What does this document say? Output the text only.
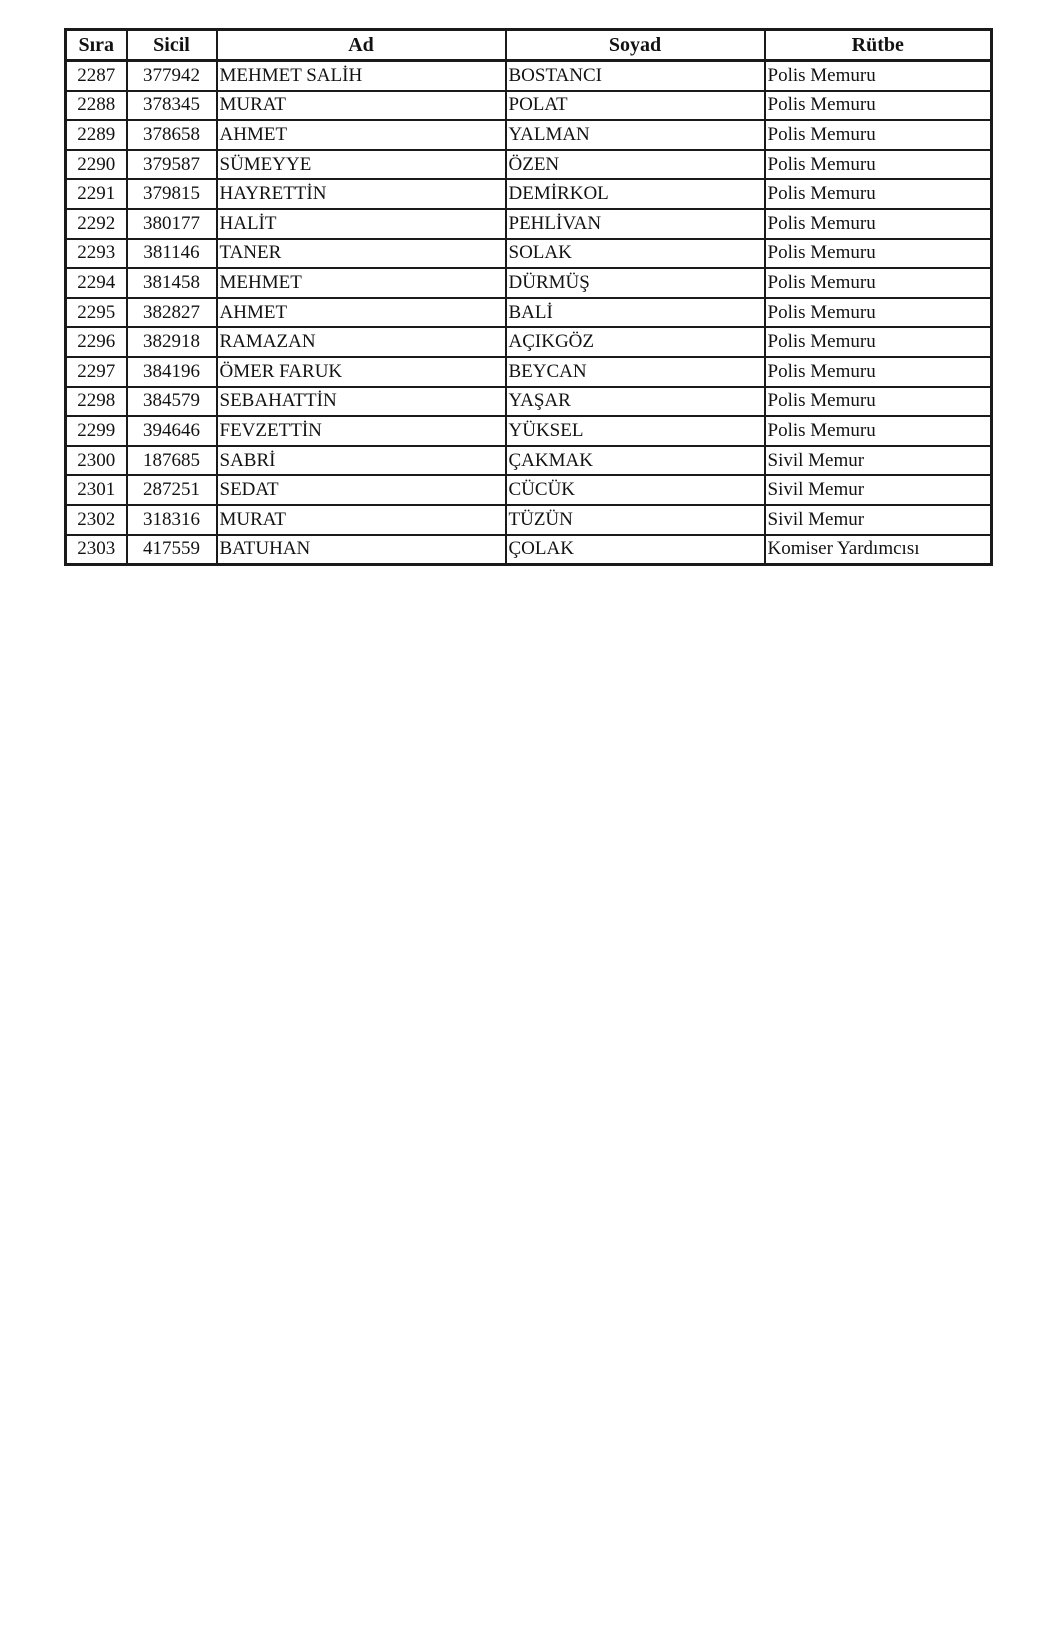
Sıra	Sicil	Ad	Soyad	Rütbe
2287	377942	MEHMET SALİH	BOSTANCI	Polis Memuru
2288	378345	MURAT	POLAT	Polis Memuru
2289	378658	AHMET	YALMAN	Polis Memuru
2290	379587	SÜMEYYE	ÖZEN	Polis Memuru
2291	379815	HAYRETTİN	DEMİRKOL	Polis Memuru
2292	380177	HALİT	PEHLİVAN	Polis Memuru
2293	381146	TANER	SOLAK	Polis Memuru
2294	381458	MEHMET	DÜRMÜŞ	Polis Memuru
2295	382827	AHMET	BALİ	Polis Memuru
2296	382918	RAMAZAN	AÇIKGÖZ	Polis Memuru
2297	384196	ÖMER FARUK	BEYCAN	Polis Memuru
2298	384579	SEBAHATTİN	YAŞAR	Polis Memuru
2299	394646	FEVZETTİN	YÜKSEL	Polis Memuru
2300	187685	SABRİ	ÇAKMAK	Sivil Memur
2301	287251	SEDAT	CÜCÜK	Sivil Memur
2302	318316	MURAT	TÜZÜN	Sivil Memur
2303	417559	BATUHAN	ÇOLAK	Komiser Yardımcısı
